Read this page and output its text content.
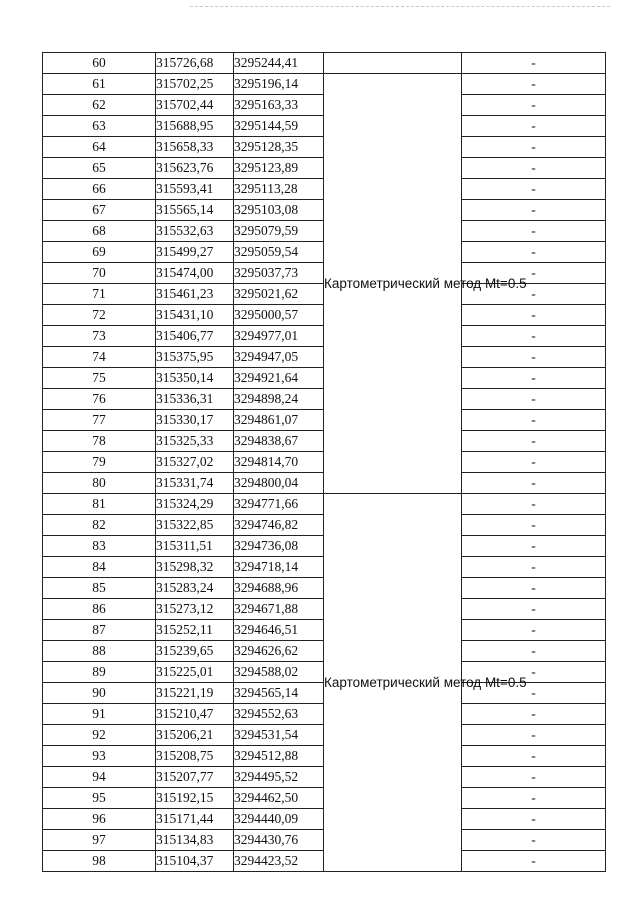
60	315726,68	3295244,41		-
61	315702,25	3295196,14	Картометрический метод Mt=0.5	-
62	315702,44	3295163,33		-
63	315688,95	3295144,59		-
64	315658,33	3295128,35		-
65	315623,76	3295123,89		-
66	315593,41	3295113,28		-
67	315565,14	3295103,08		-
68	315532,63	3295079,59		-
69	315499,27	3295059,54		-
70	315474,00	3295037,73		-
71	315461,23	3295021,62		-
72	315431,10	3295000,57		-
73	315406,77	3294977,01		-
74	315375,95	3294947,05		-
75	315350,14	3294921,64		-
76	315336,31	3294898,24		-
77	315330,17	3294861,07		-
78	315325,33	3294838,67		-
79	315327,02	3294814,70		-
80	315331,74	3294800,04		-
81	315324,29	3294771,66	Картометрический метод Mt=0.5	-
82	315322,85	3294746,82		-
83	315311,51	3294736,08		-
84	315298,32	3294718,14		-
85	315283,24	3294688,96		-
86	315273,12	3294671,88		-
87	315252,11	3294646,51		-
88	315239,65	3294626,62		-
89	315225,01	3294588,02		-
90	315221,19	3294565,14		-
91	315210,47	3294552,63		-
92	315206,21	3294531,54		-
93	315208,75	3294512,88		-
94	315207,77	3294495,52		-
95	315192,15	3294462,50		-
96	315171,44	3294440,09		-
97	315134,83	3294430,76		-
98	315104,37	3294423,52		-
